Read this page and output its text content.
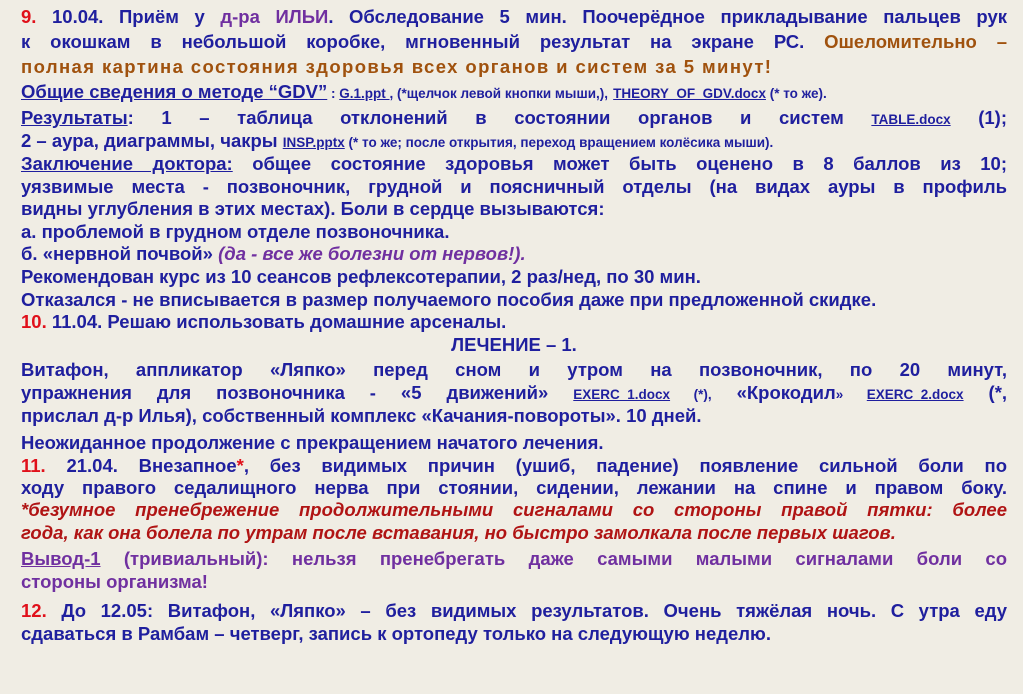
9. 10.04. Приём у д-ра ИЛЬИ. Обследование 5 мин. Поочерёдное прикладывание пальцев рук
к окошкам в небольшой коробке, мгновенный результат на экране РС. Ошеломительно –
полная картина состояния здоровья всех органов и систем за 5 минут!
Общие сведения о методе “GDV” : G.1.ppt , (*щелчок левой кнопки мыши,), THEORY_OF_GDV.docx (* то же).
Результаты: 1 – таблица отклонений в состоянии органов и систем TABLE.docx (1);
2 – аура, диаграммы, чакры INSP.pptx (* то же; после открытия, переход вращением колёсика мыши).
Заключение доктора: общее состояние здоровья может быть оценено в 8 баллов из 10;
уязвимые места - позвоночник, грудной и поясничный отделы (на видах ауры в профиль
видны углубления в этих местах). Боли в сердце вызываются:
а. проблемой в грудном отделе позвоночника.
б. «нервной почвой» (да - все же болезни от нервов!).
Рекомендован курс из 10 сеансов рефлексотерапии, 2 раз/нед, по 30 мин.
Отказался - не вписывается в размер получаемого пособия даже при предложенной скидке.
10. 11.04. Решаю использовать домашние арсеналы.
ЛЕЧЕНИЕ – 1.
Витафон, аппликатор «Ляпко» перед сном и утром на позвоночник, по 20 минут,
упражнения для позвоночника - «5 движений» EXERC_1.docx (*), «Крокодил» EXERC_2.docx (*,
прислал д-р Илья), собственный комплекс «Качания-повороты». 10 дней.
Неожиданное продолжение с прекращением начатого лечения.
11. 21.04. Внезапное*, без видимых причин (ушиб, падение) появление сильной боли по
ходу правого седалищного нерва при стоянии, сидении, лежании на спине и правом боку.
*безумное пренебрежение продолжительными сигналами со стороны правой пятки: более
года, как она болела по утрам после вставания, но быстро замолкала после первых шагов.
Вывод-1 (тривиальный): нельзя пренебрегать даже самыми малыми сигналами боли со
стороны организма!
12. До 12.05: Витафон, «Ляпко» – без видимых результатов. Очень тяжёлая ночь. С утра еду
сдаваться в Рамбам – четверг, запись к ортопеду только на следующую неделю.
